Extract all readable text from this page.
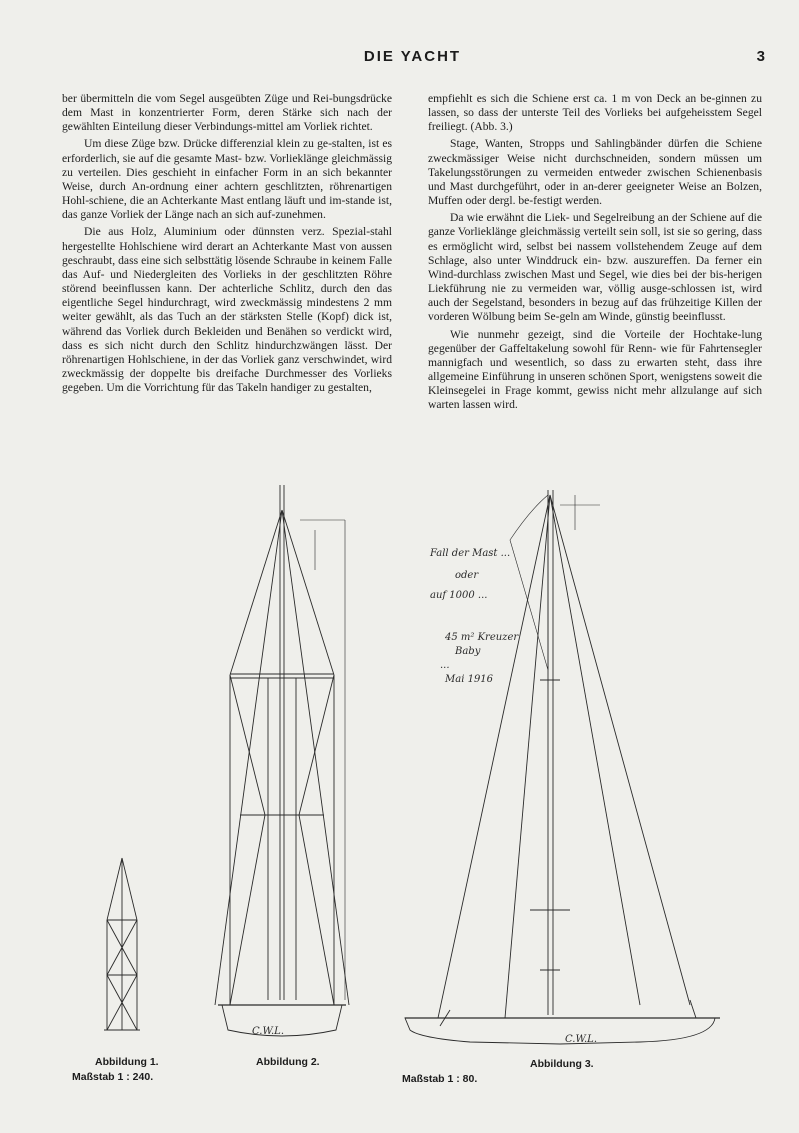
DIE YACHT	3

ber übermitteln die vom Segel ausgeübten Züge und Rei-bungsdrücke dem Mast in konzentrierter Form, deren Stärke sich nach der gewählten Einteilung dieser Verbindungs-mittel am Vorliek richtet.

Um diese Züge bzw. Drücke differenzial klein zu ge-stalten, ist es erforderlich, sie auf die gesamte Mast- bzw. Vorlieklänge gleichmässig zu verteilen. Dies geschieht in einfacher Form in an sich bekannter Weise, durch An-ordnung einer achtern geschlitzten, röhrenartigen Hohl-schiene, die an Achterkante Mast entlang läuft und im-stande ist, das ganze Vorliek der Länge nach an sich auf-zunehmen.

Die aus Holz, Aluminium oder dünnsten verz. Spezial-stahl hergestellte Hohlschiene wird derart an Achterkante Mast von aussen geschraubt, dass eine sich selbsttätig lösende Schraube in keinem Falle das Auf- und Niedergleiten des Vorlieks in der geschlitzten Röhre störend beeinflussen kann. Der achterliche Schlitz, durch den das eigentliche Segel hindurchragt, wird zweckmässig mindestens 2 mm weiter gewählt, als das Tuch an der stärksten Stelle (Kopf) dick ist, während das Vorliek durch Bekleiden und Benähen so verdickt wird, dass es sich nicht durch den Schlitz hindurchzwängen lässt. Der röhrenartigen Hohlschiene, in der das Vorliek ganz verschwindet, wird zweckmässig der doppelte bis dreifache Durchmesser des Vorlieks gegeben. Um die Vorrichtung für das Takeln handiger zu gestalten,

empfiehlt es sich die Schiene erst ca. 1 m von Deck an be-ginnen zu lassen, so dass der unterste Teil des Vorlieks bei aufgeheisstem Segel freiliegt. (Abb. 3.)

Stage, Wanten, Stropps und Sahlingbänder dürfen die Schiene zweckmässiger Weise nicht durchschneiden, sondern müssen um Takelungsstörungen zu vermeiden entweder zwischen Schienenbasis und Mast durchgeführt, oder in an-derer geeigneter Weise an Bolzen, Muffen oder dergl. be-festigt werden.

Da wie erwähnt die Liek- und Segelreibung an der Schiene auf die ganze Vorlieklänge gleichmässig verteilt sein soll, ist sie so gering, dass es ermöglicht wird, selbst bei nassem vollstehendem Zeuge auf dem Schlage, also unter Winddruck ein- bzw. auszureffen. Da ferner ein Wind-durchlass zwischen Mast und Segel, wie dies bei der bis-herigen Liekführung nie zu vermeiden war, völlig ausge-schlossen ist, wird auch der Segelstand, besonders in bezug auf das frühzeitige Killen der vorderen Wölbung beim Se-geln am Winde, günstig beeinflusst.

Wie nunmehr gezeigt, sind die Vorteile der Hochtake-lung gegenüber der Gaffeltakelung sowohl für Renn- wie für Fahrtensegler mannigfach und wesentlich, so dass zu erwarten steht, dass ihre allgemeine Einführung in unseren schönen Sport, wenigstens soweit die Kleinsegelei in Frage kommt, gewiss nicht mehr allzulange auf sich warten lassen wird.

Fall der Mast ...
oder
auf 1000 ...
45 m² Kreuzer
Baby
...
Mai 1916
C.W.L.
C.W.L.
Abbildung 1.
Maßstab 1 : 240.
Abbildung 2.	Abbildung 3.
Maßstab 1 : 80.
